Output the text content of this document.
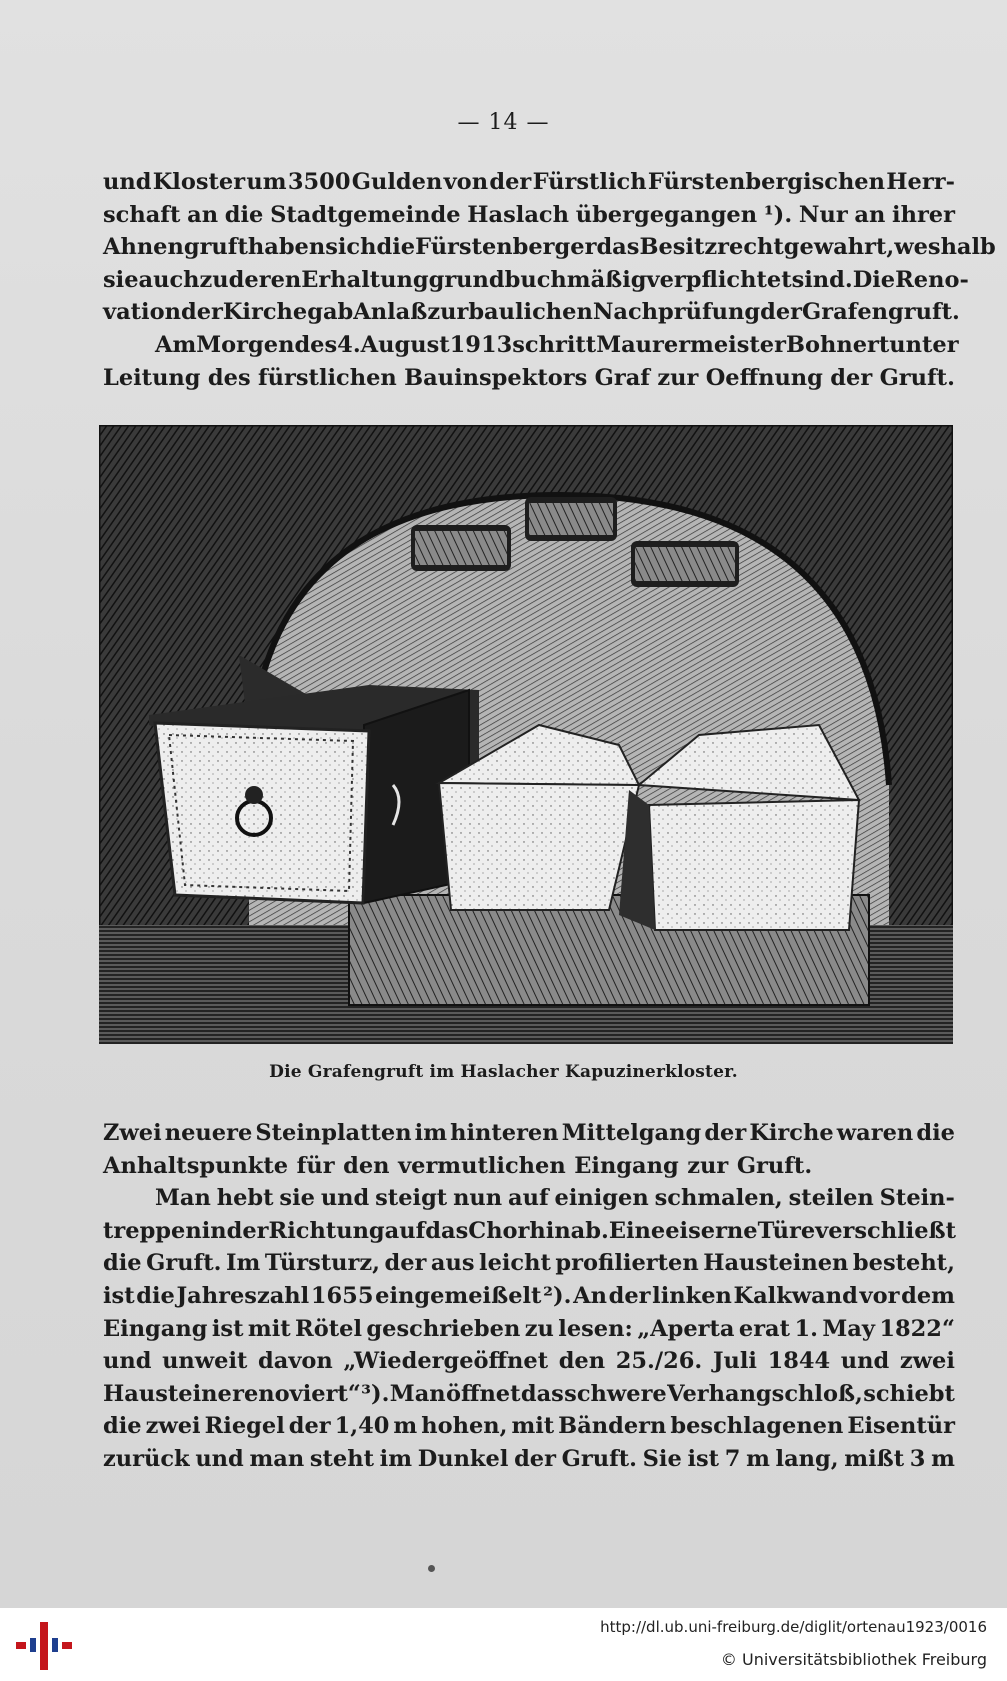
— 14 —
und Kloster um 3500 Gulden von der Fürstlich Fürstenbergischen Herr-
schaft an die Stadtgemeinde Haslach übergegangen ¹). Nur an ihrer
Ahnengruft haben sich die Fürstenberger das Besitzrecht gewahrt, weshalb
sie auch zu deren Erhaltung grundbuchmäßig verpflichtet sind. Die Reno-
vation der Kirche gab Anlaß zur baulichen Nachprüfung der Grafengruft.
Am Morgen des 4. August 1913 schritt Maurermeister Bohnert unter
Leitung des fürstlichen Bauinspektors Graf zur Oeffnung der Gruft.
Die Grafengruft im Haslacher Kapuzinerkloster.
Zwei neuere Steinplatten im hinteren Mittelgang der Kirche waren die
Anhaltspunkte für den vermutlichen Eingang zur Gruft.
Man hebt sie und steigt nun auf einigen schmalen, steilen Stein-
treppen in der Richtung auf das Chor hinab. Eine eiserne Türe verschließt
die Gruft. Im Türsturz, der aus leicht profilierten Hausteinen besteht,
ist die Jahreszahl 1655 eingemeißelt ²). An der linken Kalkwand vor dem
Eingang ist mit Rötel geschrieben zu lesen: „Aperta erat 1. May 1822“
und unweit davon „Wiedergeöffnet den 25./26. Juli 1844 und zwei
Hausteine renoviert“ ³). Man öffnet das schwere Verhangschloß, schiebt
die zwei Riegel der 1,40 m hohen, mit Bändern beschlagenen Eisentür
zurück und man steht im Dunkel der Gruft. Sie ist 7 m lang, mißt 3 m
http://dl.ub.uni-freiburg.de/diglit/ortenau1923/0016
© Universitätsbibliothek Freiburg
